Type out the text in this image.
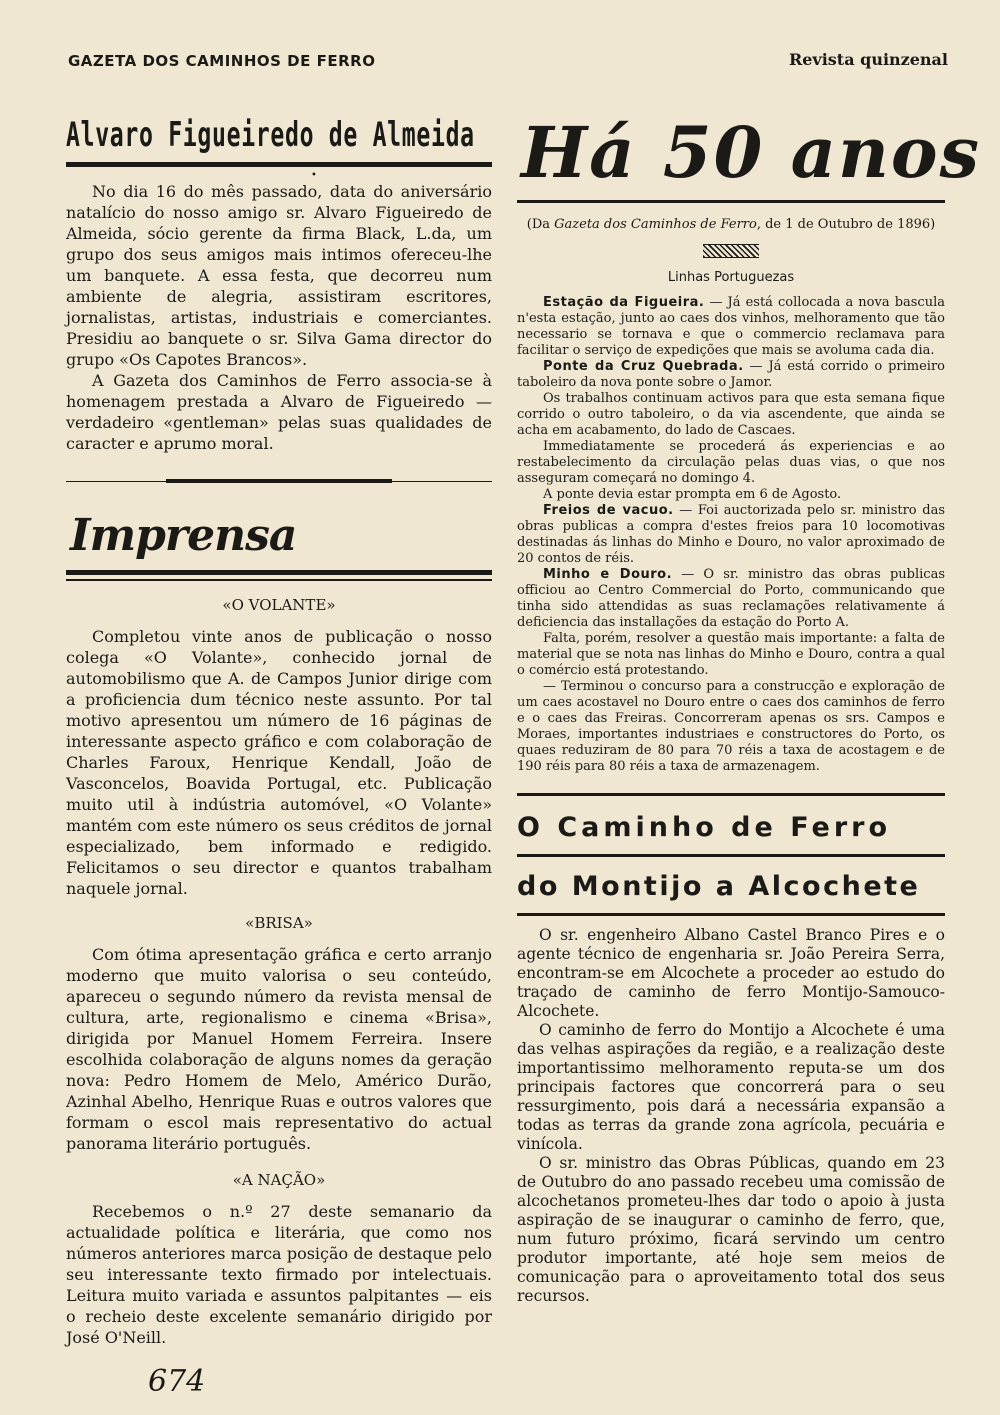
GAZETA DOS CAMINHOS DE FERRO	Revista quinzenal
Alvaro Figueiredo de Almeida
•

No dia 16 do mês passado, data do aniversário natalício do nosso amigo sr. Alvaro Figueiredo de Almeida, sócio gerente da firma Black, L.da, um grupo dos seus amigos mais intimos ofereceu-lhe um banquete. A essa festa, que decorreu num ambiente de alegria, assistiram escritores, jornalistas, artistas, industriais e comerciantes. Presidiu ao banquete o sr. Silva Gama director do grupo «Os Capotes Brancos».

A Gazeta dos Caminhos de Ferro associa-se à homenagem prestada a Alvaro de Figueiredo — verdadeiro «gentleman» pelas suas qualidades de caracter e aprumo moral.

Imprensa

«O VOLANTE»

Completou vinte anos de publicação o nosso colega «O Volante», conhecido jornal de automobilismo que A. de Campos Junior dirige com a proficiencia dum técnico neste assunto. Por tal motivo apresentou um número de 16 páginas de interessante aspecto gráfico e com colaboração de Charles Faroux, Henrique Kendall, João de Vasconcelos, Boavida Portugal, etc. Publicação muito util à indústria automóvel, «O Volante» mantém com este número os seus créditos de jornal especializado, bem informado e redigido. Felicitamos o seu director e quantos trabalham naquele jornal.

«BRISA»

Com ótima apresentação gráfica e certo arranjo moderno que muito valorisa o seu conteúdo, apareceu o segundo número da revista mensal de cultura, arte, regionalismo e cinema «Brisa», dirigida por Manuel Homem Ferreira. Insere escolhida colaboração de alguns nomes da geração nova: Pedro Homem de Melo, Américo Durão, Azinhal Abelho, Henrique Ruas e outros valores que formam o escol mais representativo do actual panorama literário português.

«A NAÇÃO»

Recebemos o n.º 27 deste semanario da actualidade política e literária, que como nos números anteriores marca posição de destaque pelo seu interessante texto firmado por intelectuais. Leitura muito variada e assuntos palpitantes — eis o recheio deste excelente semanário dirigido por José O'Neill.

Há 50 anos
(Da Gazeta dos Caminhos de Ferro, de 1 de Outubro de 1896)
Linhas Portuguezas

Estação da Figueira. — Já está collocada a nova bascula n'esta estação, junto ao caes dos vinhos, melhoramento que tão necessario se tornava e que o commercio reclamava para facilitar o serviço de expedições que mais se avoluma cada dia.

Ponte da Cruz Quebrada. — Já está corrido o primeiro taboleiro da nova ponte sobre o Jamor.

Os trabalhos continuam activos para que esta semana fique corrido o outro taboleiro, o da via ascendente, que ainda se acha em acabamento, do lado de Cascaes.

Immediatamente se procederá ás experiencias e ao restabelecimento da circulação pelas duas vias, o que nos asseguram começará no domingo 4.

A ponte devia estar prompta em 6 de Agosto.

Freios de vacuo. — Foi auctorizada pelo sr. ministro das obras publicas a compra d'estes freios para 10 locomotivas destinadas ás linhas do Minho e Douro, no valor aproximado de 20 contos de réis.

Minho e Douro. — O sr. ministro das obras publicas officiou ao Centro Commercial do Porto, communicando que tinha sido attendidas as suas reclamações relativamente á deficiencia das installações da estação do Porto A.

Falta, porém, resolver a questão mais importante: a falta de material que se nota nas linhas do Minho e Douro, contra a qual o comércio está protestando.

— Terminou o concurso para a construcção e exploração de um caes acostavel no Douro entre o caes dos caminhos de ferro e o caes das Freiras. Concorreram apenas os srs. Campos e Moraes, importantes industriaes e constructores do Porto, os quaes reduziram de 80 para 70 réis a taxa de acostagem e de 190 réis para 80 réis a taxa de armazenagem.

O Caminho de Ferro
do Montijo a Alcochete

O sr. engenheiro Albano Castel Branco Pires e o agente técnico de engenharia sr. João Pereira Serra, encontram-se em Alcochete a proceder ao estudo do traçado de caminho de ferro Montijo-Samouco-Alcochete.

O caminho de ferro do Montijo a Alcochete é uma das velhas aspirações da região, e a realização deste importantissimo melhoramento reputa-se um dos principais factores que concorrerá para o seu ressurgimento, pois dará a necessária expansão a todas as terras da grande zona agrícola, pecuária e vinícola.

O sr. ministro das Obras Públicas, quando em 23 de Outubro do ano passado recebeu uma comissão de alcochetanos prometeu-lhes dar todo o apoio à justa aspiração de se inaugurar o caminho de ferro, que, num futuro próximo, ficará servindo um centro produtor importante, até hoje sem meios de comunicação para o aproveitamento total dos seus recursos.

674
